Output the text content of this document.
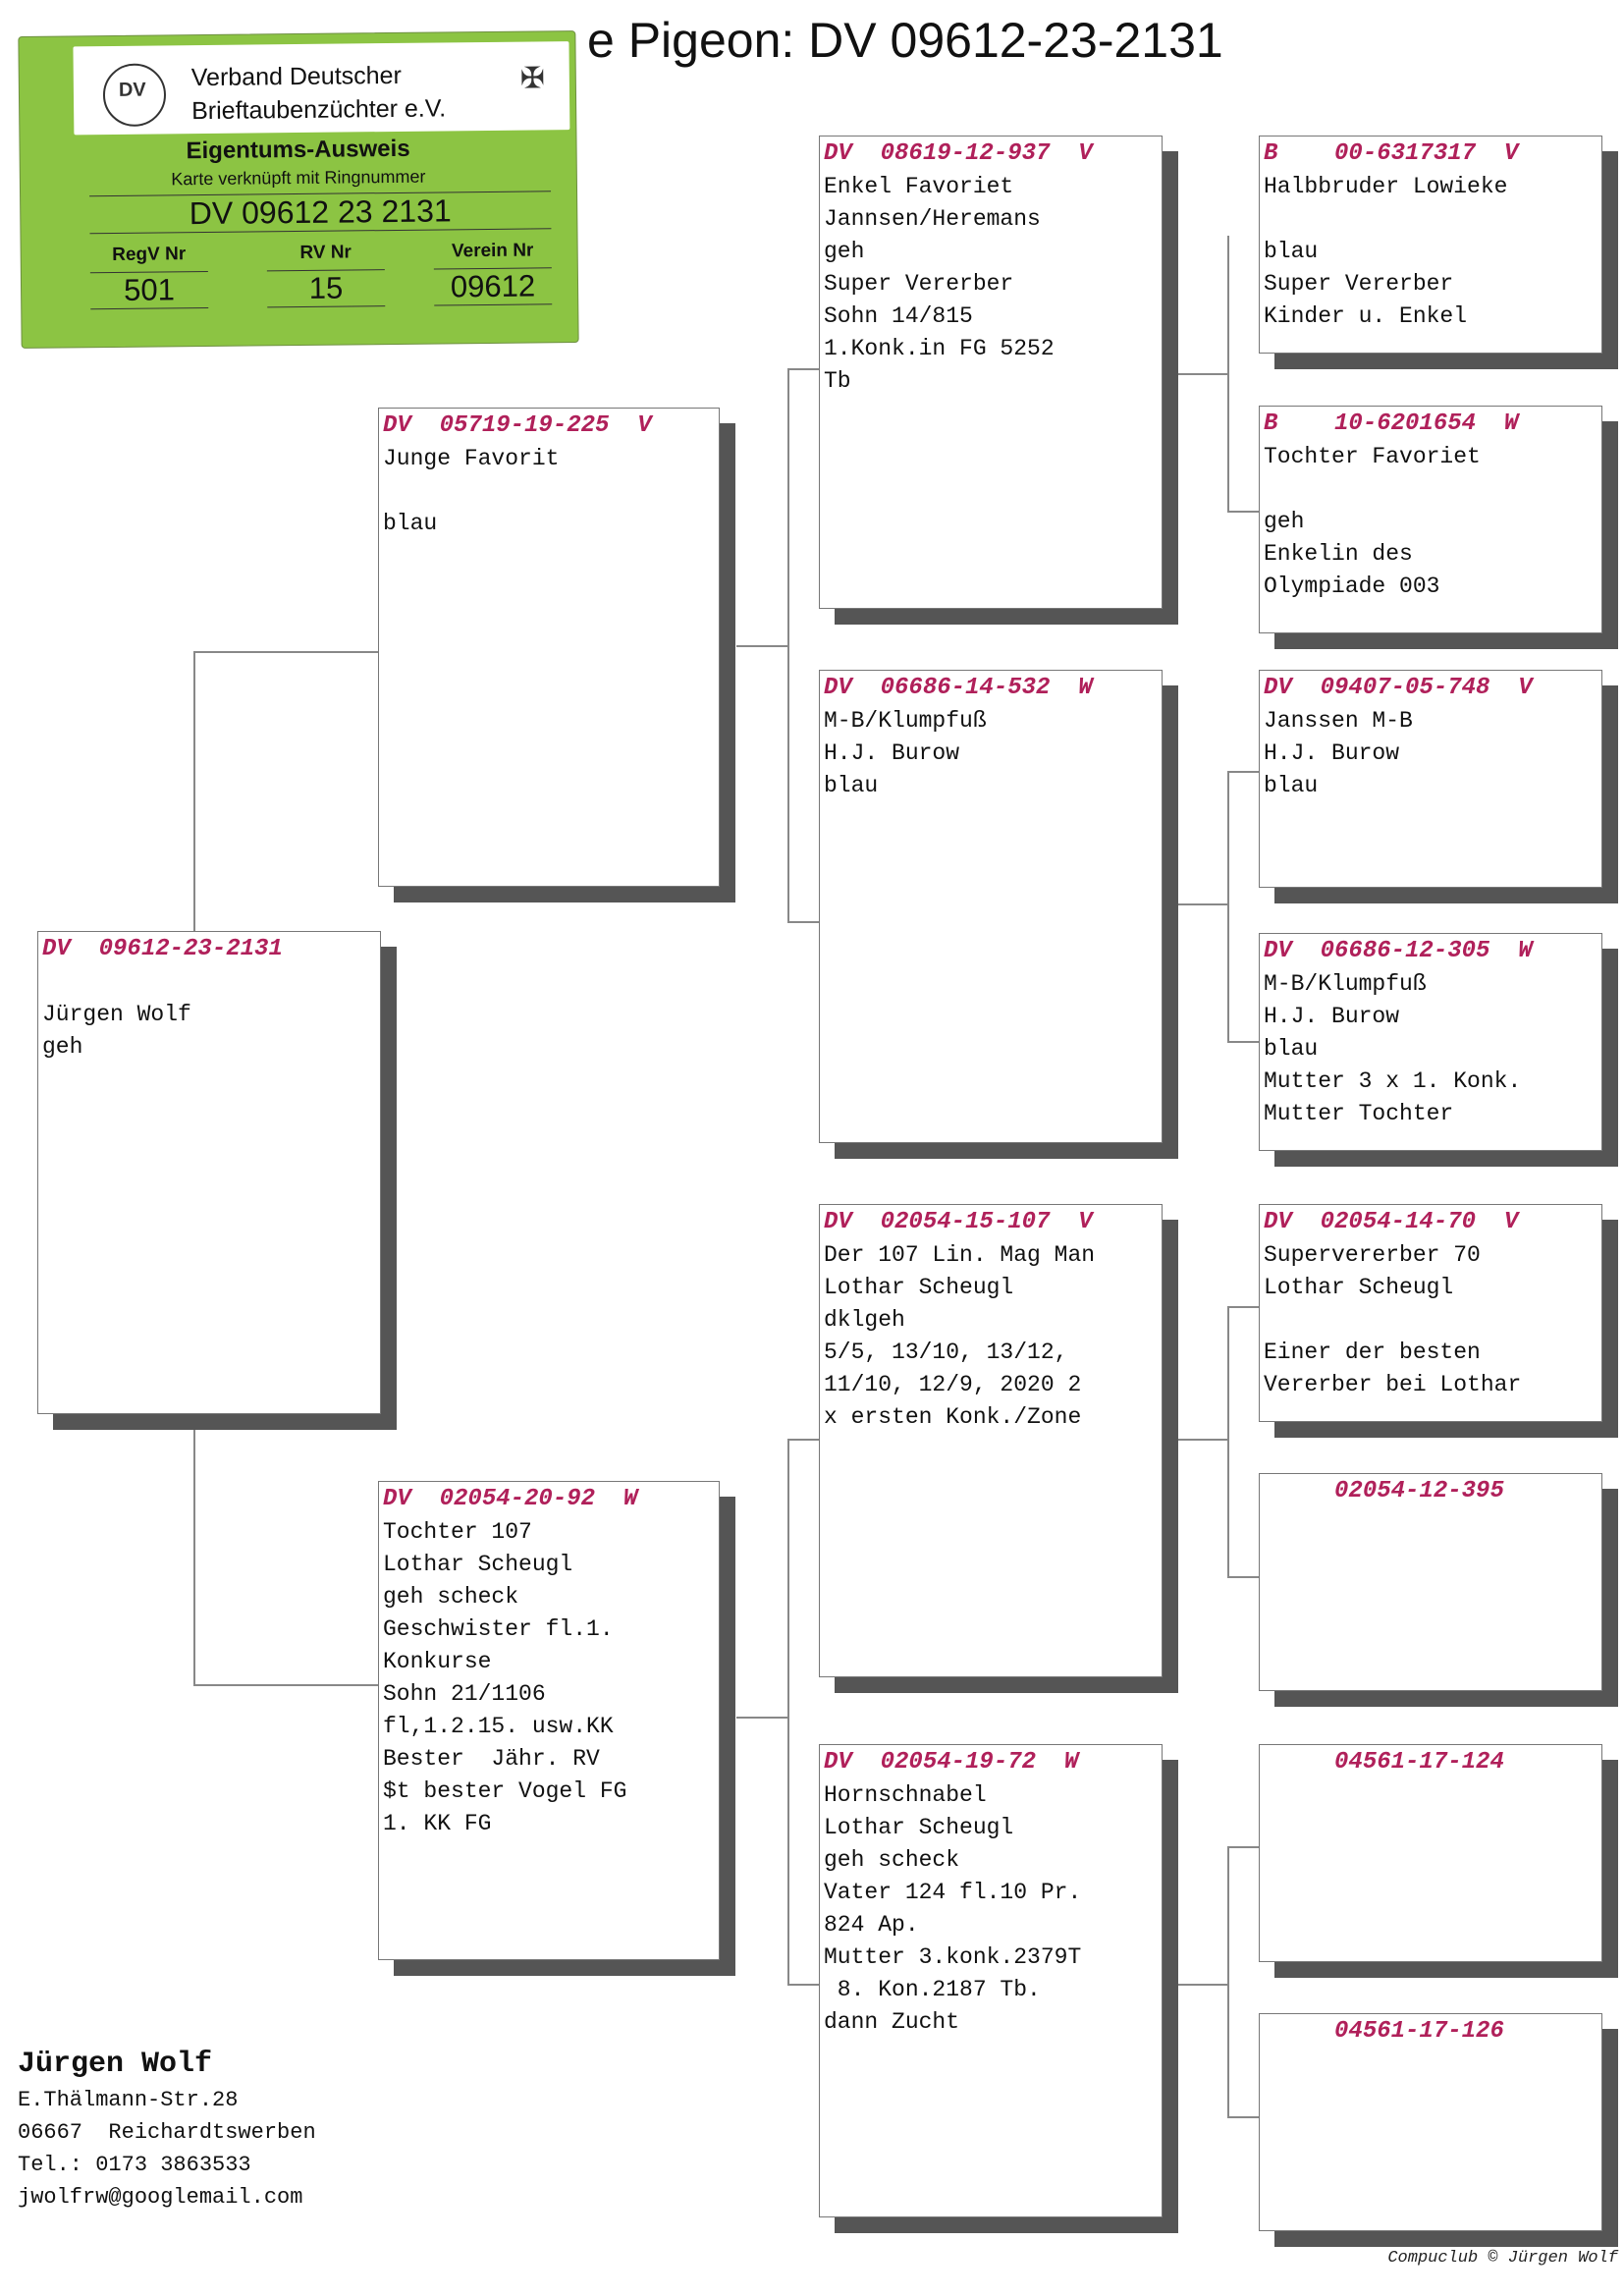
e Pigeon: DV 09612-23-2131
DV Verband Deutscher
Brieftaubenzüchter e.V.
✠
Eigentums-Ausweis
Karte verknüpft mit Ringnummer
DV 09612 23 2131
RegV Nr
501
RV Nr
15
Verein Nr
09612
DV  09612-23-2131
Jürgen Wolf
geh
DV  05719-19-225  V
Junge Favorit
blau
DV  02054-20-92  W
Tochter 107
Lothar Scheugl
geh scheck
Geschwister fl.1.
Konkurse
Sohn 21/1106
fl,1.2.15. usw.KK
Bester  Jähr. RV
$t bester Vogel FG
1. KK FG
DV  08619-12-937  V
Enkel Favoriet
Jannsen/Heremans
geh
Super Vererber
Sohn 14/815
1.Konk.in FG 5252
Tb
DV  06686-14-532  W
M-B/Klumpfuß
H.J. Burow
blau
DV  02054-15-107  V
Der 107 Lin. Mag Man
Lothar Scheugl
dklgeh
5/5, 13/10, 13/12,
11/10, 12/9, 2020 2
x ersten Konk./Zone
DV  02054-19-72  W
Hornschnabel
Lothar Scheugl
geh scheck
Vater 124 fl.10 Pr.
824 Ap.
Mutter 3.konk.2379T
8. Kon.2187 Tb.
dann Zucht
B    00-6317317  V
Halbbruder Lowieke
blau
Super Vererber
Kinder u. Enkel
B    10-6201654  W
Tochter Favoriet
geh
Enkelin des
Olympiade 003
DV  09407-05-748  V
Janssen M-B
H.J. Burow
blau
DV  06686-12-305  W
M-B/Klumpfuß
H.J. Burow
blau
Mutter 3 x 1. Konk.
Mutter Tochter
DV  02054-14-70  V
Supervererber 70
Lothar Scheugl
Einer der besten
Vererber bei Lothar
02054-12-395
04561-17-124
04561-17-126
Jürgen Wolf
E.Thälmann-Str.28
06667  Reichardtswerben
Tel.: 0173 3863533
jwolfrw@googlemail.com
Compuclub © Jürgen Wolf
